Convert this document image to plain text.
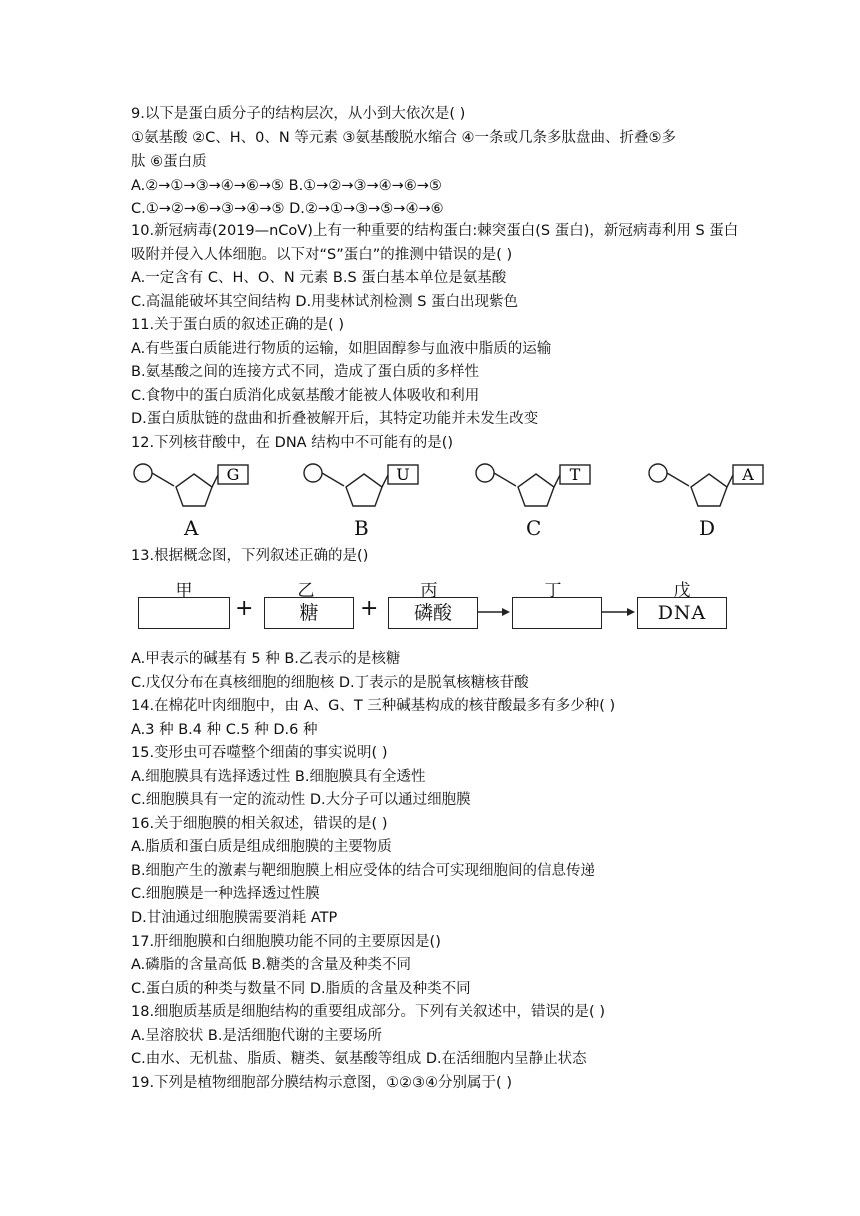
9.以下是蛋白质分子的结构层次，从小到大依次是( )
①氨基酸 ②C、H、0、N 等元素 ③氨基酸脱水缩合 ④一条或几条多肽盘曲、折叠⑤多
肽 ⑥蛋白质
A.②→①→③→④→⑥→⑤ B.①→②→③→④→⑥→⑤
C.①→②→⑥→③→④→⑤ D.②→①→③→⑤→④→⑥
10.新冠病毒(2019—nCoV)上有一种重要的结构蛋白:棘突蛋白(S 蛋白)，新冠病毒利用 S 蛋白
吸附并侵入人体细胞。以下对“S”蛋白”的推测中错误的是( )
A.一定含有 C、H、O、N 元素 B.S 蛋白基本单位是氨基酸
C.高温能破坏其空间结构 D.用斐林试剂检测 S 蛋白出现紫色
11.关于蛋白质的叙述正确的是( )
A.有些蛋白质能进行物质的运输，如胆固醇参与血液中脂质的运输
B.氨基酸之间的连接方式不同，造成了蛋白质的多样性
C.食物中的蛋白质消化成氨基酸才能被人体吸收和利用
D.蛋白质肽链的盘曲和折叠被解开后，其特定功能并未发生改变
12.下列核苷酸中，在 DNA 结构中不可能有的是()
G
A
U
B
T
C
A
D
13.根据概念图，下列叙述正确的是()
甲	乙	丙	丁	戊
+	糖	+	磷酸	DNA
A.甲表示的碱基有 5 种 B.乙表示的是核糖
C.戊仅分布在真核细胞的细胞核 D.丁表示的是脱氧核糖核苷酸
14.在棉花叶肉细胞中，由 A、G、T 三种碱基构成的核苷酸最多有多少种( )
A.3 种 B.4 种 C.5 种 D.6 种
15.变形虫可吞噬整个细菌的事实说明( )
A.细胞膜具有选择透过性 B.细胞膜具有全透性
C.细胞膜具有一定的流动性 D.大分子可以通过细胞膜
16.关于细胞膜的相关叙述，错误的是( )
A.脂质和蛋白质是组成细胞膜的主要物质
B.细胞产生的激素与靶细胞膜上相应受体的结合可实现细胞间的信息传递
C.细胞膜是一种选择透过性膜
D.甘油通过细胞膜需要消耗 ATP
17.肝细胞膜和白细胞膜功能不同的主要原因是()
A.磷脂的含量高低 B.糖类的含量及种类不同
C.蛋白质的种类与数量不同 D.脂质的含量及种类不同
18.细胞质基质是细胞结构的重要组成部分。下列有关叙述中，错误的是( )
A.呈溶胶状 B.是活细胞代谢的主要场所
C.由水、无机盐、脂质、糖类、氨基酸等组成 D.在活细胞内呈静止状态
19.下列是植物细胞部分膜结构示意图，①②③④分别属于( )
